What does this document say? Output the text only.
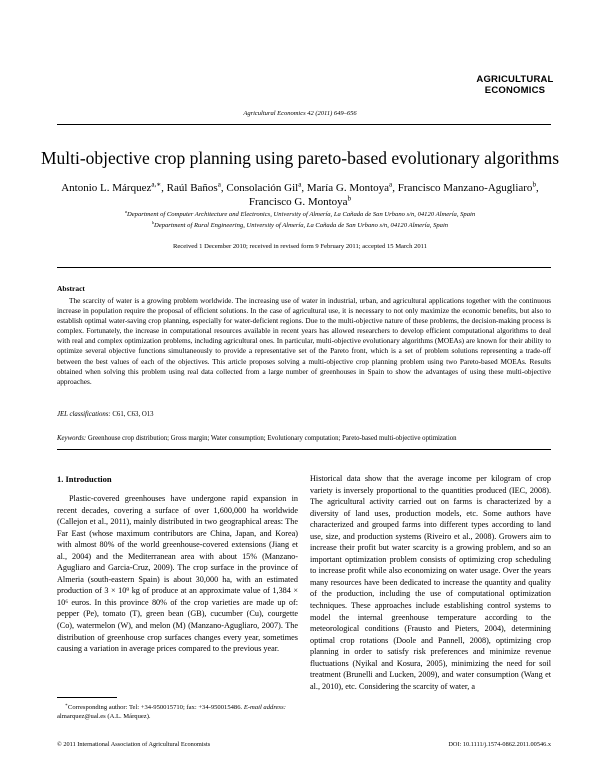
AGRICULTURAL
ECONOMICS
Agricultural Economics 42 (2011) 649–656
Multi-objective crop planning using pareto-based evolutionary algorithms
Antonio L. Márquez$^{a,∗}$, Raúl Baños$^a$, Consolación Gil$^a$, María G. Montoya$^a$, Francisco Manzano-Agugliaro$^b$, Francisco G. Montoya$^b$
$^a$Department of Computer Architecture and Electronics, University of Almería, La Cañada de San Urbano s/n, 04120 Almería, Spain
$^b$Department of Rural Engineering, University of Almería, La Cañada de San Urbano s/n, 04120 Almería, Spain
Received 1 December 2010; received in revised form 9 February 2011; accepted 15 March 2011
Abstract
The scarcity of water is a growing problem worldwide. The increasing use of water in industrial, urban, and agricultural applications together with the continuous increase in population require the proposal of efficient solutions. In the case of agricultural use, it is necessary to not only maximize the economic benefits, but also to establish optimal water-saving crop planning, especially for water-deficient regions. Due to the multi-objective nature of these problems, the decision-making process is complex. Fortunately, the increase in computational resources available in recent years has allowed researchers to develop efficient computational algorithms to deal with real and complex optimization problems, including agricultural ones. In particular, multi-objective evolutionary algorithms (MOEAs) are known for their ability to optimize several objective functions simultaneously to provide a representative set of the Pareto front, which is a set of problem solutions representing a trade-off between the best values of each of the objectives. This article proposes solving a multi-objective crop planning problem using two Pareto-based MOEAs. Results obtained when solving this problem using real data collected from a large number of greenhouses in Spain to show the advantages of using these multi-objective approaches.
JEL classifications: C61, C63, O13
Keywords: Greenhouse crop distribution; Gross margin; Water consumption; Evolutionary computation; Pareto-based multi-objective optimization
1. Introduction
Plastic-covered greenhouses have undergone rapid expansion in recent decades, covering a surface of over 1,600,000 ha worldwide (Callejon et al., 2011), mainly distributed in two geographical areas: The Far East (whose maximum contributors are China, Japan, and Korea) with almost 80% of the world greenhouse-covered extensions (Jiang et al., 2004) and the Mediterranean area with about 15% (Manzano-Agugliaro and Garcia-Cruz, 2009). The crop surface in the province of Almeria (south-eastern Spain) is about 30,000 ha, with an estimated production of 3 × 10⁹ kg of produce at an approximate value of 1,384 × 10⁶ euros. In this province 80% of the crop varieties are made up of: pepper (Pe), tomato (T), green bean (GB), cucumber (Cu), courgette (Co), watermelon (W), and melon (M) (Manzano-Agugliaro, 2007). The distribution of greenhouse crop surfaces changes every year, sometimes causing a variation in average prices compared to the previous year.
Historical data show that the average income per kilogram of crop variety is inversely proportional to the quantities produced (IEC, 2008). The agricultural activity carried out on farms is characterized by a diversity of land uses, production models, etc. Some authors have characterized and grouped farms into different types according to land use, size, and production systems (Riveiro et al., 2008). Growers aim to increase their profit but water scarcity is a growing problem, and so an important optimization problem consists of optimizing crop scheduling to increase profit while also economizing on water usage. Over the years many resources have been dedicated to increase the quantity and quality of the production, including the use of computational optimization techniques. These approaches include establishing control systems to model the internal greenhouse temperature according to the meteorological conditions (Frausto and Pieters, 2004), determining optimal crop rotations (Doole and Pannell, 2008), optimizing crop planning in order to satisfy risk preferences and minimize revenue fluctuations (Nyikal and Kosura, 2005), minimizing the need for soil treatment (Brunelli and Lucken, 2009), and water consumption (Wang et al., 2010), etc. Considering the scarcity of water, a
∗Corresponding author: Tel: +34-950015710; fax: +34-950015486. E-mail address: almarquez@ual.es (A.L. Márquez).
© 2011 International Association of Agricultural Economists	DOI: 10.1111/j.1574-0862.2011.00546.x
